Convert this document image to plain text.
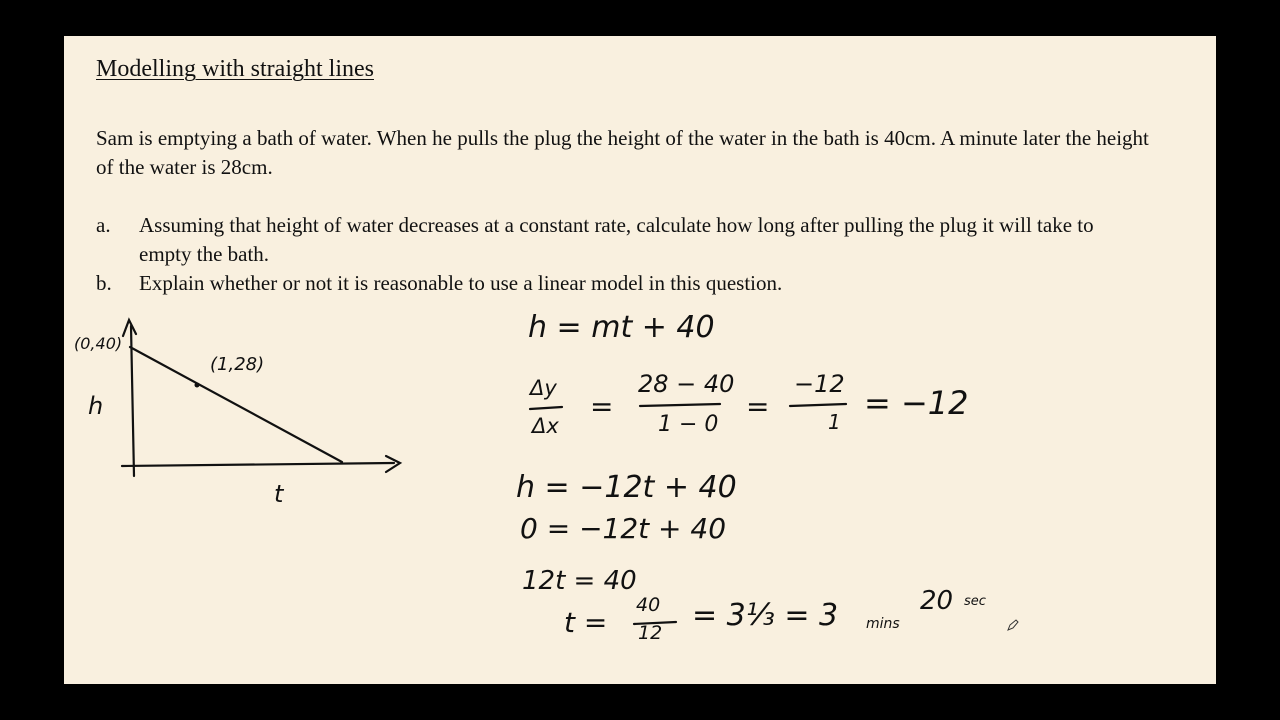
Modelling with straight lines
Sam is emptying a bath of water. When he pulls the plug the height of the water in the bath is 40cm. A minute later the height of the water is 28cm.
a. Assuming that height of water decreases at a constant rate, calculate how long after pulling the plug it will take to empty the bath.
b. Explain whether or not it is reasonable to use a linear model in this question.
(0,40)
(1,28)
h
t
h = mt + 40
Δy
Δx
=
28 − 40
1 − 0
=
−12
1 = −12
h = −12t + 40
0 = −12t + 40
12t = 40
t =
40
12 = 3⅓ = 3 mins
20 sec
